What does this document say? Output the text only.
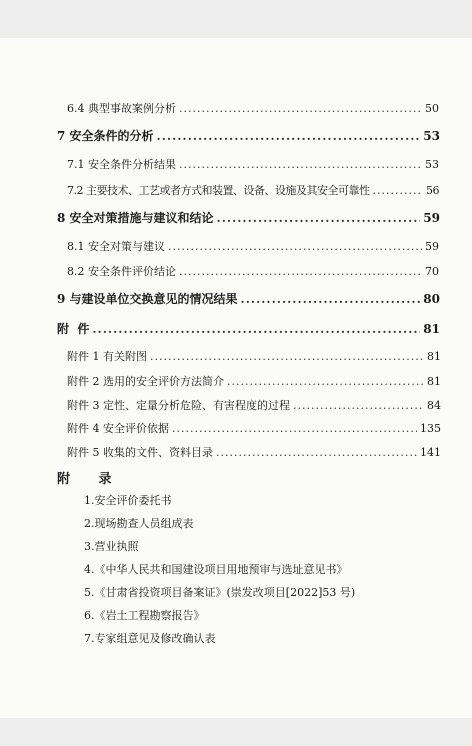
6.4 典型事故案例分析 .....	50
7 安全条件的分析 .....	53
7.1 安全条件分析结果 .....	53
7.2 主要技术、工艺或者方式和装置、设备、设施及其安全可靠性 .....	56
8 安全对策措施与建议和结论 .....	59
8.1 安全对策与建议 .....	59
8.2 安全条件评价结论 .....	70
9 与建设单位交换意见的情况结果 .....	80
附  件 .....	81
附件 1 有关附图 .....	81
附件 2 选用的安全评价方法简介 .....	81
附件 3 定性、定量分析危险、有害程度的过程 .....	84
附件 4 安全评价依据 .....	135
附件 5 收集的文件、资料目录 .....	141
附 录
1.安全评价委托书
2.现场勘查人员组成表
3.营业执照
4.《中华人民共和国建设项目用地预审与选址意见书》
5.《甘肃省投资项目备案证》(崇发改项目[2022]53 号)
6.《岩土工程勘察报告》
7.专家组意见及修改确认表
